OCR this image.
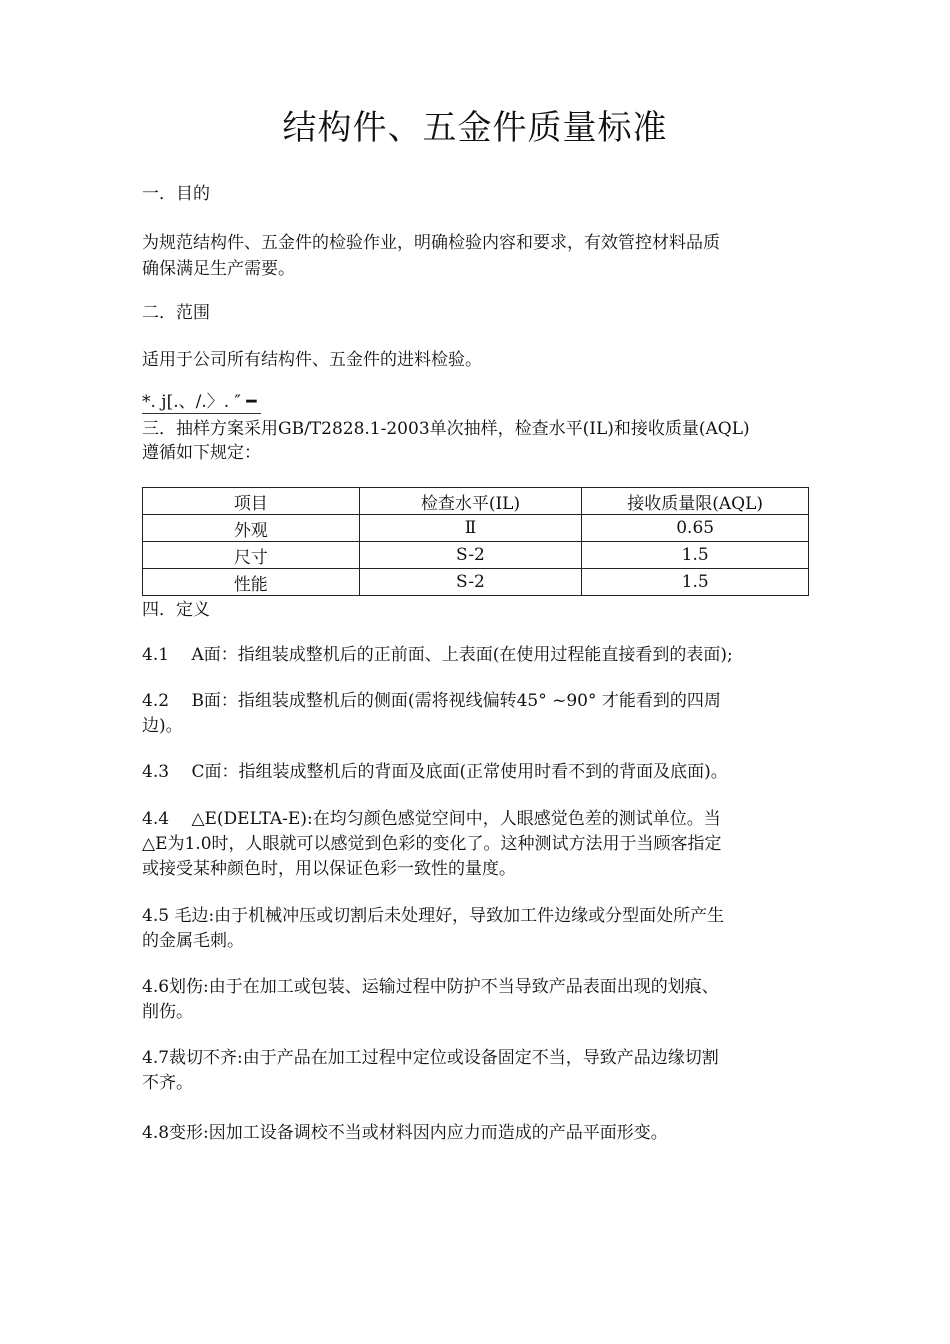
结构件、五金件质量标准
一．目的
为规范结构件、五金件的检验作业，明确检验内容和要求，有效管控材料品质
确保满足生产需要。
二．范围
适用于公司所有结构件、五金件的进料检验。
*. j[.、/.〉. ″ ━
三．抽样方案采用GB/T2828.1-2003单次抽样，检查水平(IL)和接收质量(AQL)
遵循如下规定：
项目	检查水平(IL)	接收质量限(AQL)
外观	Ⅱ	0.65
尺寸	S-2	1.5
性能	S-2	1.5
四．定义
4.1　 A面：指组装成整机后的正前面、上表面(在使用过程能直接看到的表面);
4.2　 B面：指组装成整机后的侧面(需将视线偏转45° ~90° 才能看到的四周
边)。
4.3　 C面：指组装成整机后的背面及底面(正常使用时看不到的背面及底面)。
4.4　 △E(DELTA-E):在均匀颜色感觉空间中，人眼感觉色差的测试单位。当
△E为1.0时，人眼就可以感觉到色彩的变化了。这种测试方法用于当顾客指定
或接受某种颜色时，用以保证色彩一致性的量度。
4.5 毛边:由于机械冲压或切割后未处理好，导致加工件边缘或分型面处所产生
的金属毛刺。
4.6划伤:由于在加工或包装、运输过程中防护不当导致产品表面出现的划痕、
削伤。
4.7裁切不齐:由于产品在加工过程中定位或设备固定不当，导致产品边缘切割
不齐。
4.8变形:因加工设备调校不当或材料因内应力而造成的产品平面形变。
